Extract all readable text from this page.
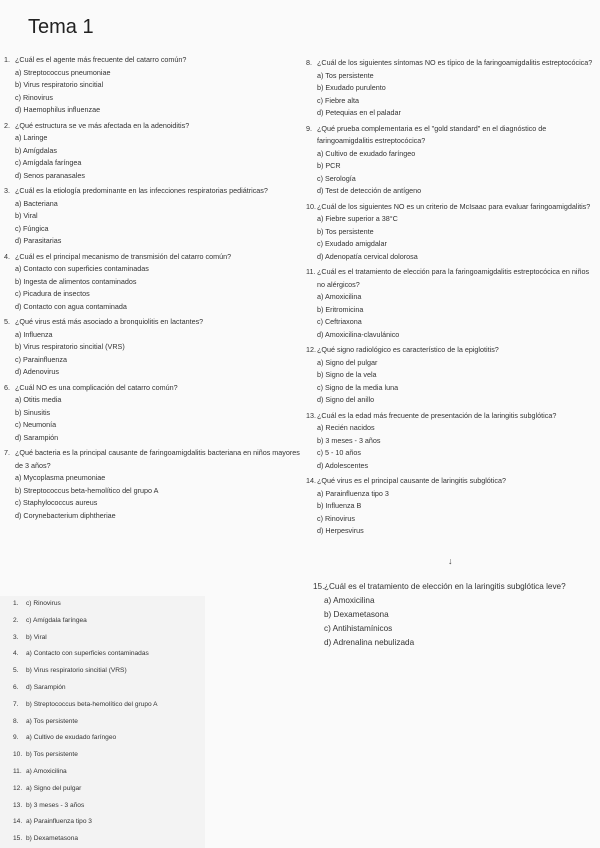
Tema 1
1. ¿Cuál es el agente más frecuente del catarro común?
a) Streptococcus pneumoniae
b) Virus respiratorio sincitial
c) Rinovirus
d) Haemophilus influenzae
2. ¿Qué estructura se ve más afectada en la adenoiditis?
a) Laringe
b) Amígdalas
c) Amígdala faríngea
d) Senos paranasales
3. ¿Cuál es la etiología predominante en las infecciones respiratorias pediátricas?
a) Bacteriana
b) Viral
c) Fúngica
d) Parasitarias
4. ¿Cuál es el principal mecanismo de transmisión del catarro común?
a) Contacto con superficies contaminadas
b) Ingesta de alimentos contaminados
c) Picadura de insectos
d) Contacto con agua contaminada
5. ¿Qué virus está más asociado a bronquiolitis en lactantes?
a) Influenza
b) Virus respiratorio sincitial (VRS)
c) Parainfluenza
d) Adenovirus
6. ¿Cuál NO es una complicación del catarro común?
a) Otitis media
b) Sinusitis
c) Neumonía
d) Sarampión
7. ¿Qué bacteria es la principal causante de faringoamigdalitis bacteriana en niños mayores de 3 años?
a) Mycoplasma pneumoniae
b) Streptococcus beta-hemolítico del grupo A
c) Staphylococcus aureus
d) Corynebacterium diphtheriae
8. ¿Cuál de los siguientes síntomas NO es típico de la faringoamigdalitis estreptocócica?
a) Tos persistente
b) Exudado purulento
c) Fiebre alta
d) Petequias en el paladar
9. ¿Qué prueba complementaria es el "gold standard" en el diagnóstico de faringoamigdalitis estreptocócica?
a) Cultivo de exudado faríngeo
b) PCR
c) Serología
d) Test de detección de antígeno
10. ¿Cuál de los siguientes NO es un criterio de McIsaac para evaluar faringoamigdalitis?
a) Fiebre superior a 38°C
b) Tos persistente
c) Exudado amigdalar
d) Adenopatía cervical dolorosa
11. ¿Cuál es el tratamiento de elección para la faringoamigdalitis estreptocócica en niños no alérgicos?
a) Amoxicilina
b) Eritromicina
c) Ceftriaxona
d) Amoxicilina-clavulánico
12. ¿Qué signo radiológico es característico de la epiglotitis?
a) Signo del pulgar
b) Signo de la vela
c) Signo de la media luna
d) Signo del anillo
13. ¿Cuál es la edad más frecuente de presentación de la laringitis subglótica?
a) Recién nacidos
b) 3 meses - 3 años
c) 5 - 10 años
d) Adolescentes
14. ¿Qué virus es el principal causante de laringitis subglótica?
a) Parainfluenza tipo 3
b) Influenza B
c) Rinovirus
d) Herpesvirus
15. ¿Cuál es el tratamiento de elección en la laringitis subglótica leve?
a) Amoxicilina
b) Dexametasona
c) Antihistamínicos
d) Adrenalina nebulizada
↓
1.	c) Rinovirus
2.	c) Amígdala faríngea
3.	b) Viral
4.	a) Contacto con superficies contaminadas
5.	b) Virus respiratorio sincitial (VRS)
6.	d) Sarampión
7.	b) Streptococcus beta-hemolítico del grupo A
8.	a) Tos persistente
9.	a) Cultivo de exudado faríngeo
10. b) Tos persistente
11. a) Amoxicilina
12. a) Signo del pulgar
13. b) 3 meses - 3 años
14. a) Parainfluenza tipo 3
15. b) Dexametasona
